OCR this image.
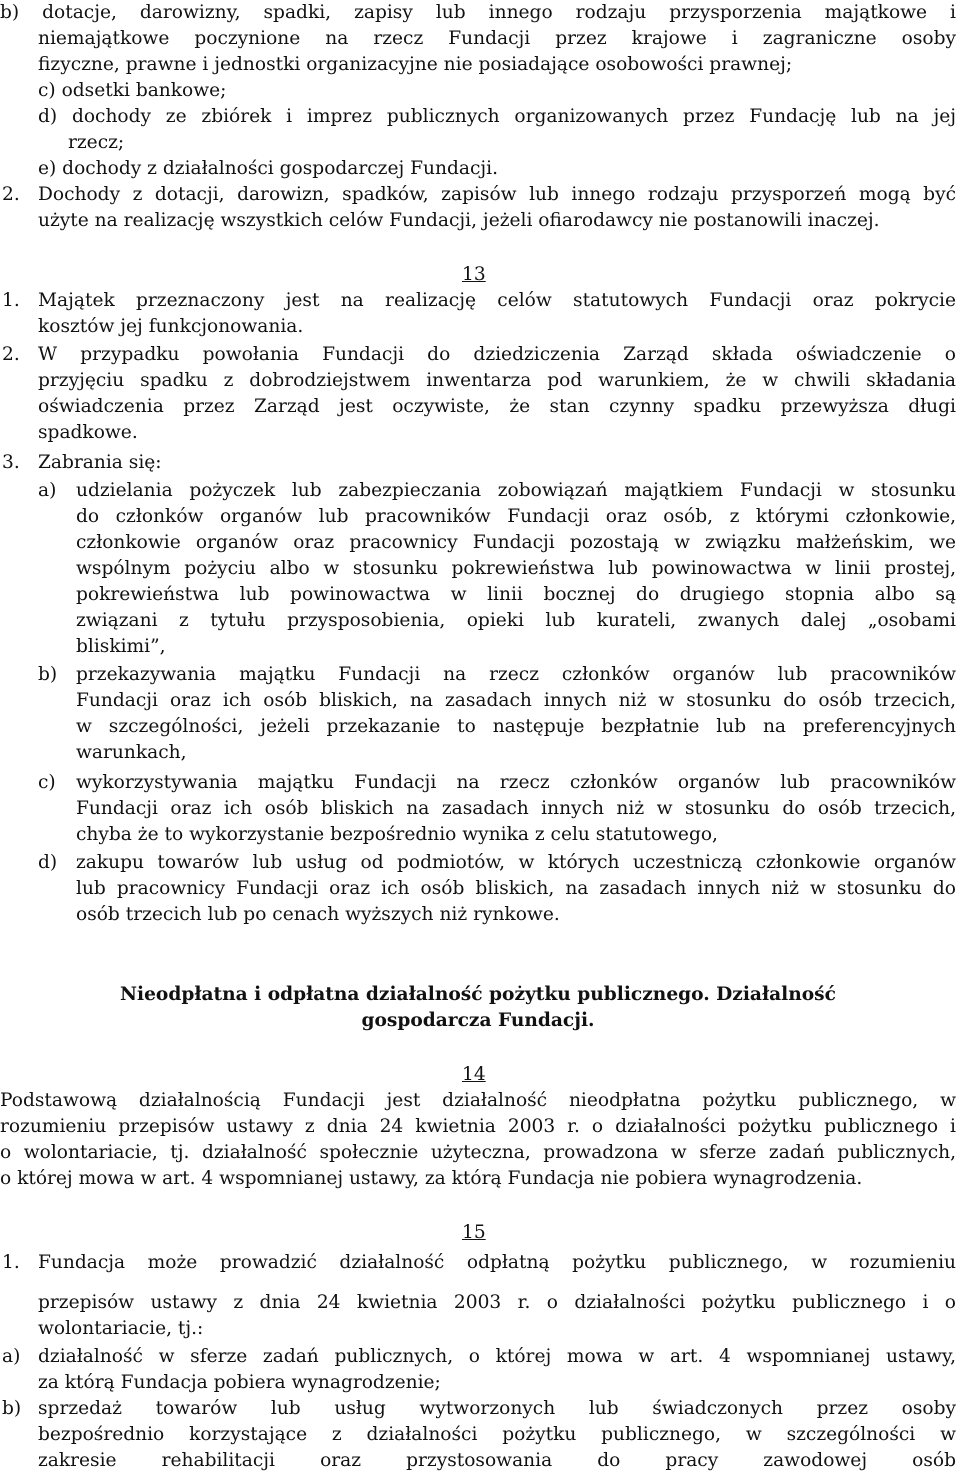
b) dotacje, darowizny, spadki, zapisy lub innego rodzaju przysporzenia majątkowe i
niemajątkowe poczynione na rzecz Fundacji przez krajowe i zagraniczne osoby
fizyczne, prawne i jednostki organizacyjne nie posiadające osobowości prawnej;
c) odsetki bankowe;
d) dochody ze zbiórek i imprez publicznych organizowanych przez Fundację lub na jej
rzecz;
e) dochody z działalności gospodarczej Fundacji.
2. Dochody z dotacji, darowizn, spadków, zapisów lub innego rodzaju przysporzeń mogą być
użyte na realizację wszystkich celów Fundacji, jeżeli ofiarodawcy nie postanowili inaczej.
13
1. Majątek przeznaczony jest na realizację celów statutowych Fundacji oraz pokrycie
kosztów jej funkcjonowania.
2. W przypadku powołania Fundacji do dziedziczenia Zarząd składa oświadczenie o
przyjęciu spadku z dobrodziejstwem inwentarza pod warunkiem, że w chwili składania
oświadczenia przez Zarząd jest oczywiste, że stan czynny spadku przewyższa długi
spadkowe.
3. Zabrania się:
a)	udzielania pożyczek lub zabezpieczania zobowiązań majątkiem Fundacji w stosunku
do członków organów lub pracowników Fundacji oraz osób, z którymi członkowie,
członkowie organów oraz pracownicy Fundacji pozostają w związku małżeńskim, we
wspólnym pożyciu albo w stosunku pokrewieństwa lub powinowactwa w linii prostej,
pokrewieństwa lub powinowactwa w linii bocznej do drugiego stopnia albo są
związani z tytułu przysposobienia, opieki lub kurateli, zwanych dalej „osobami
bliskimi”,
b)	przekazywania majątku Fundacji na rzecz członków organów lub pracowników
Fundacji oraz ich osób bliskich, na zasadach innych niż w stosunku do osób trzecich,
w szczególności, jeżeli przekazanie to następuje bezpłatnie lub na preferencyjnych
warunkach,
c)	wykorzystywania majątku Fundacji na rzecz członków organów lub pracowników
Fundacji oraz ich osób bliskich na zasadach innych niż w stosunku do osób trzecich,
chyba że to wykorzystanie bezpośrednio wynika z celu statutowego,
d)	zakupu towarów lub usług od podmiotów, w których uczestniczą członkowie organów
lub pracownicy Fundacji oraz ich osób bliskich, na zasadach innych niż w stosunku do
osób trzecich lub po cenach wyższych niż rynkowe.
Nieodpłatna i odpłatna działalność pożytku publicznego. Działalność
gospodarcza Fundacji.
14
Podstawową działalnością Fundacji jest działalność nieodpłatna pożytku publicznego, w
rozumieniu przepisów ustawy z dnia 24 kwietnia 2003 r. o działalności pożytku publicznego i
o wolontariacie, tj. działalność społecznie użyteczna, prowadzona w sferze zadań publicznych,
o której mowa w art. 4 wspomnianej ustawy, za którą Fundacja nie pobiera wynagrodzenia.
15
1. Fundacja może prowadzić działalność odpłatną pożytku publicznego, w rozumieniu
przepisów ustawy z dnia 24 kwietnia 2003 r. o działalności pożytku publicznego i o
wolontariacie, tj.:
a) działalność w sferze zadań publicznych, o której mowa w art. 4 wspomnianej ustawy,
za którą Fundacja pobiera wynagrodzenie;
b) sprzedaż towarów lub usług wytworzonych lub świadczonych przez osoby
bezpośrednio korzystające z działalności pożytku publicznego, w szczególności w
zakresie rehabilitacji oraz przystosowania do pracy zawodowej osób
